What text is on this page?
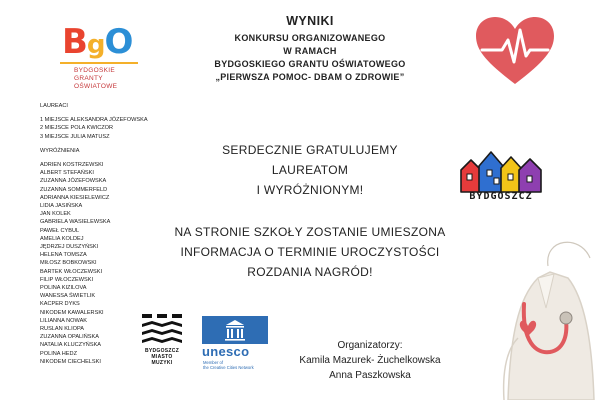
BgO
BYDGOSKIE
GRANTY
OŚWIATOWE
WYNIKI
KONKURSU ORGANIZOWANEGO
W RAMACH
BYDGOSKIEGO GRANTU OŚWIATOWEGO
„PIERWSZA POMOC- DBAM O ZDROWIE”
LAUREACI
1 MIEJSCE ALEKSANDRA JÓZEFOWSKA
2 MIEJSCE POLA KWICZOR
3 MIEJSCE JULIA MATUSZ
WYRÓŻNIENIA
ADRIEN KOSTRZEWSKI
ALBERT STEFAŃSKI
ZUZANNA JÓZEFOWSKA
ZUZANNA SOMMERFELD
ADRIANNA KIESIELEWICZ
LIDIA JASIŃSKA
JAN KOLEK
GABRIELA WASIELEWSKA
PAWEŁ CYBUL
AMELIA KOLDEJ
JĘDRZEJ DUSZYŃSKI
HELENA TOMSZA
MIŁOSZ BOBKOWSKI
BARTEK WŁOCZEWSKI
FILIP WŁOCZEWSKI
POLINA KIZILOVA
WANESSA ŚWIETLIK
KACPER DYKS
NIKODEM KAWALERSKI
LILIANNA NOWAK
RUSLAN KLIOPA
ZUZANNA OPALIŃSKA
NATALIA KLUCZYŃSKA
POLINA HEDZ
NIKODEM CIECHELSKI
SERDECZNIE GRATULUJEMY
LAUREATOM
I WYRÓŻNIONYM!
NA STRONIE SZKOŁY ZOSTANIE UMIESZONA
INFORMACJA O TERMINIE UROCZYSTOŚCI
ROZDANIA NAGRÓD!
BYDGOSZCZ
BYDGOSZCZ
MIASTO
MUZYKI
unesco
Member of
the Creative Cities Network
Organizatorzy:
Kamila Mazurek- Żuchelkowska
Anna Paszkowska
